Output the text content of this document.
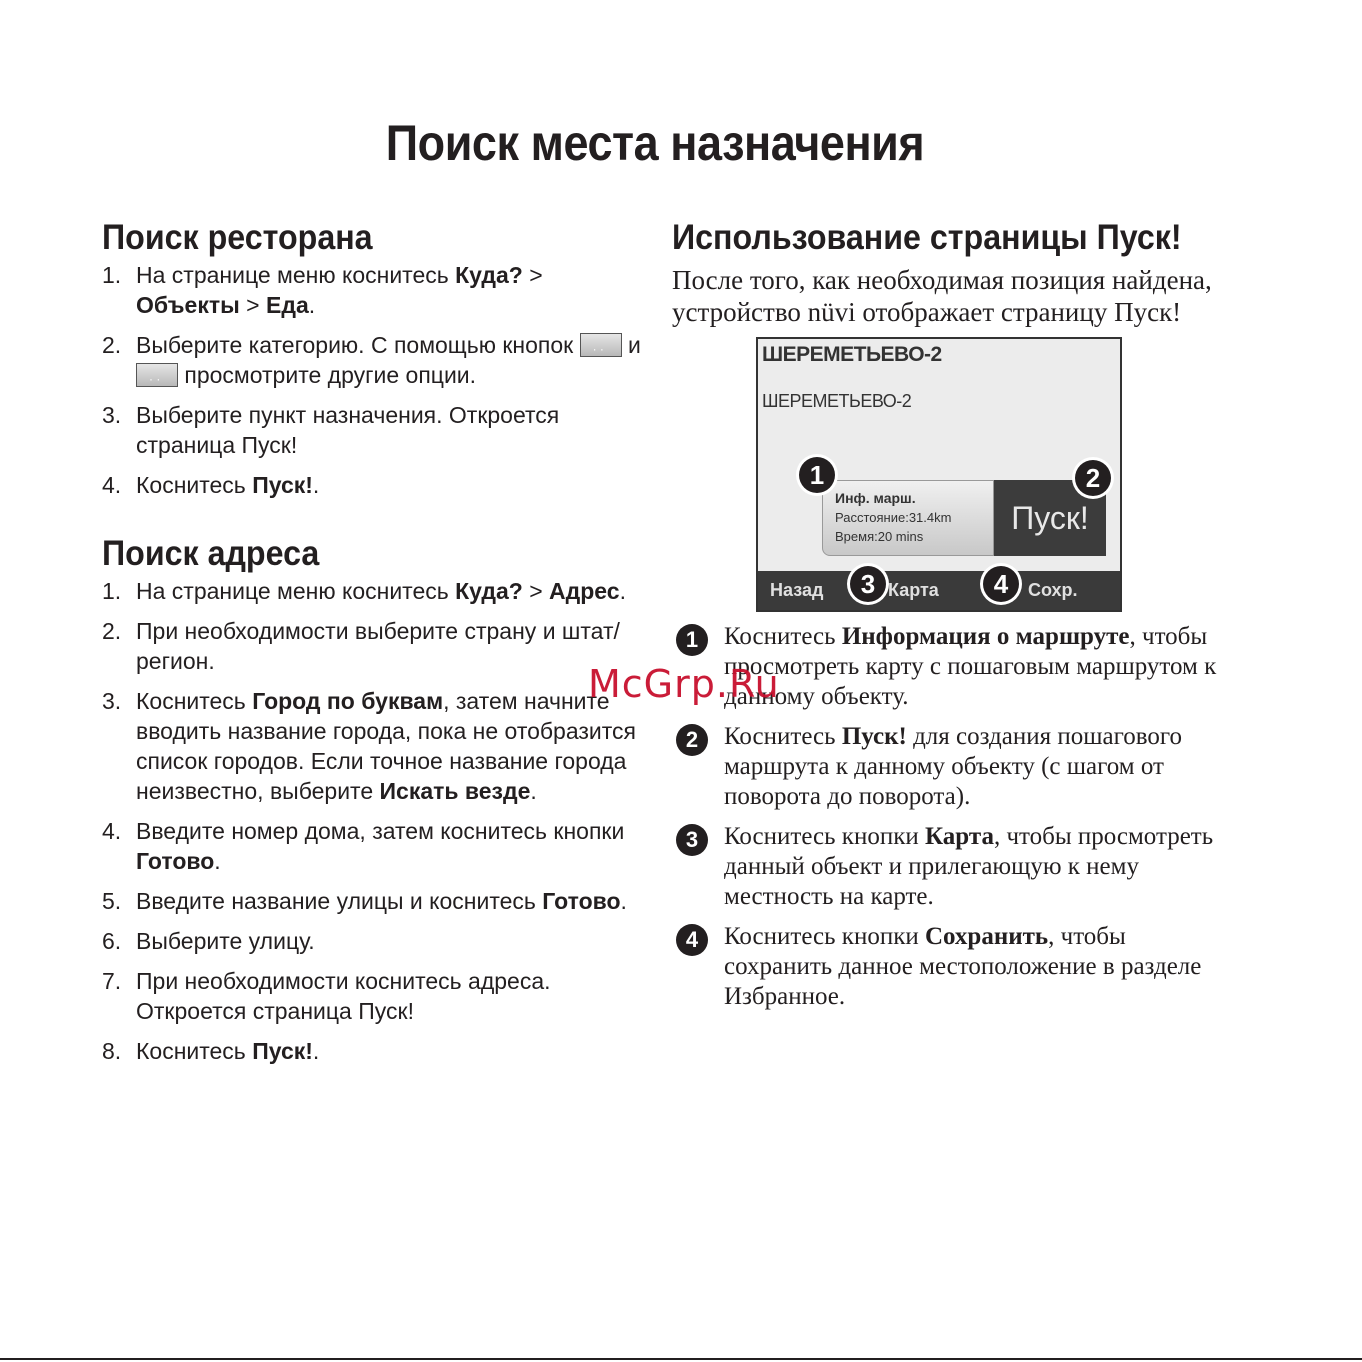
Поиск места назначения
Поиск ресторана
1. На странице меню коснитесь Куда? >
Объекты > Еда.
2. Выберите категорию. С помощью кнопок · · и · · просмотрите другие опции.
3. Выберите пункт назначения. Откроется страница Пуск!
4. Коснитесь Пуск!.
Поиск адреса
1. На странице меню коснитесь Куда? > Адрес.
2. При необходимости выберите страну и штат/регион.
3. Коснитесь Город по буквам, затем начните вводить название города, пока не отобразится список городов. Если точное название города неизвестно, выберите Искать везде.
4. Введите номер дома, затем коснитесь кнопки
Готово.
5. Введите название улицы и коснитесь Готово.
6. Выберите улицу.
7. При необходимости коснитесь адреса. Откроется страница Пуск!
8. Коснитесь Пуск!.
Использование страницы Пуск!
После того, как необходимая позиция найдена, устройство nüvi отображает страницу Пуск!
ШЕРЕМЕТЬЕВО-2
ШЕРЕМЕТЬЕВО-2
Инф. марш.
Расстояние:31.4km
Время:20 mins
Пуск!
Назад	Карта	Сохр.
1	2
3	4
1	Коснитесь Информация о маршруте, чтобы просмотреть карту с пошаговым маршрутом к данному объекту.
2	Коснитесь Пуск! для создания пошагового маршрута к данному объекту (с шагом от поворота до поворота).
3	Коснитесь кнопки Карта, чтобы просмотреть данный объект и прилегающую к нему местность на карте.
4	Коснитесь кнопки Сохранить, чтобы сохранить данное местоположение в разделе Избранное.
McGrp.Ru
